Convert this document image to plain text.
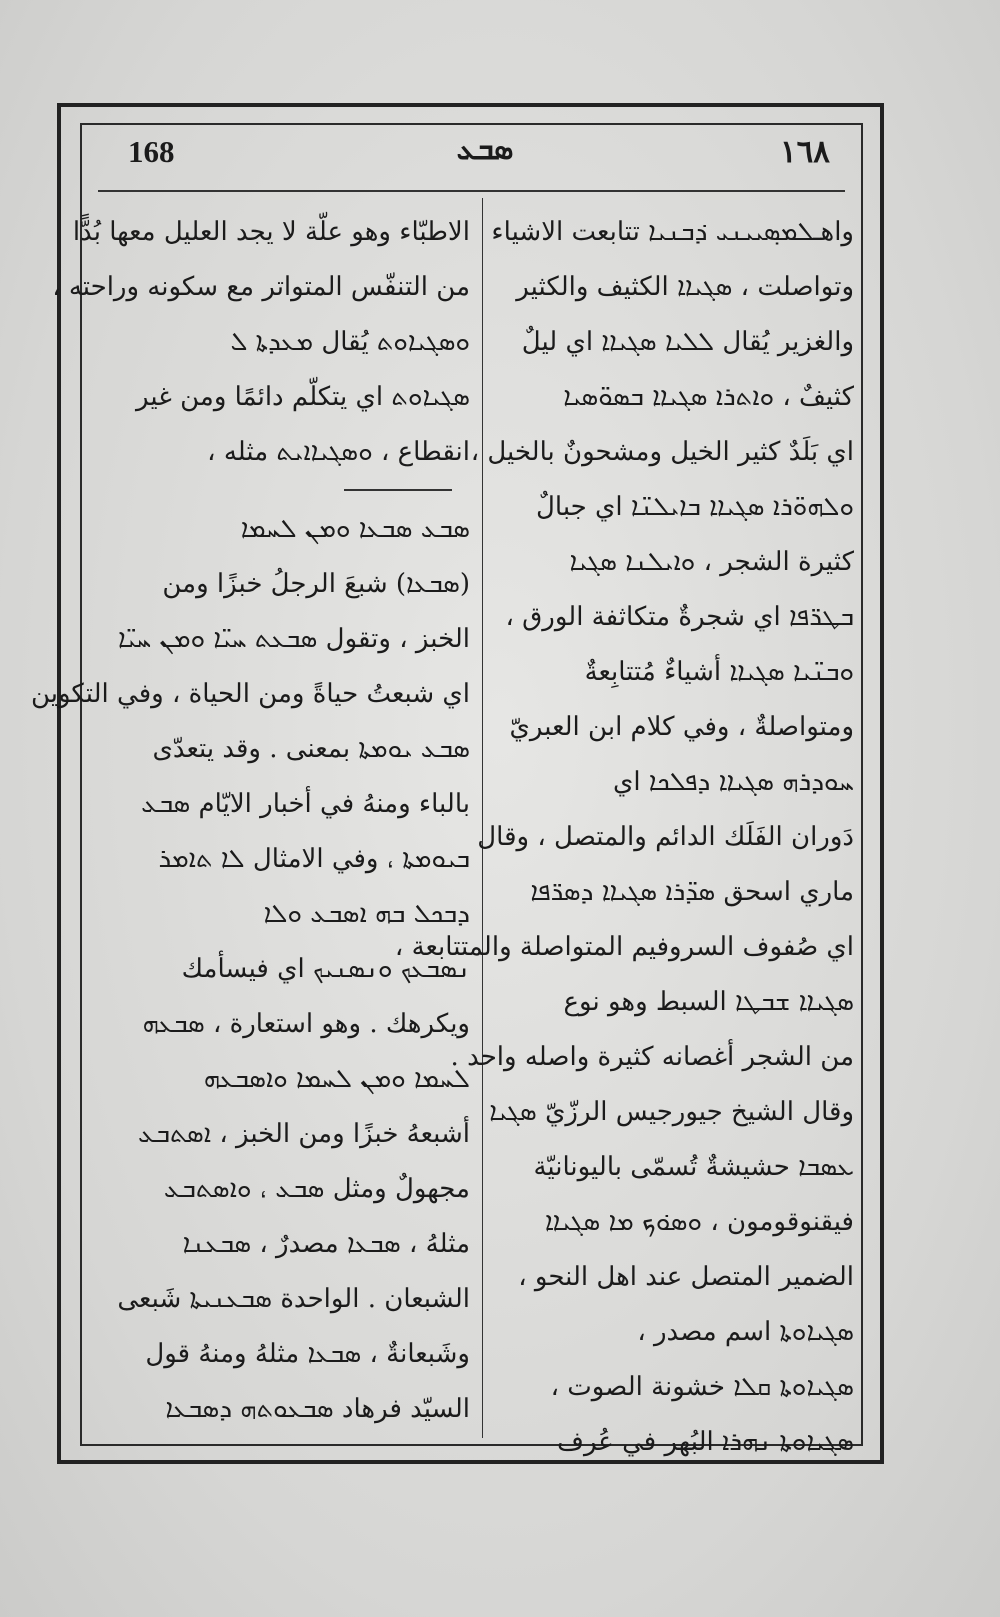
168	ܣܒܥ	١٦٨
واهـܠܡܣ݂ܝܝܢܝ ܕ݁ܒܢܝܐ تتابعت الاشياء
وتواصلت ، ܣܓܝܐܐ الكثيف والكثير
والغزير يُقال ܠܠܝܐ ܣܓܝܐܐ اي ليلٌ
كثيفٌ ، ܘܐܬܪܐ ܣܓܝܐܐ ܒܣܘ̈ܣܝܐ
اي بَلَدٌ كثير الخيل ومشحونٌ بالخيل ،
ܘܠܗܘ̈ܪܐ ܣܓܝܐܐ ܒܐܝܠܢ̈ܐ اي جبالٌ
كثيرة الشجر ، ܘܐܝܠܢܐ ܣܓܝܐ
ܒܛܪ̈ܦܐ اي شجرةٌ متكاثفة الورق ،
ܘܒܢ̈ܝܐ ܣܓܝܐܐ أشياءٌ مُتتابِعةٌ
ومتواصلةٌ ، وفي كلام ابن العبريّ
ܚܘܕܪܗ ܣܓܝܐܐ ܕܦܠܟܐ اي
دَوران الفَلَك الدائم والمتصل ، وقال
ماري اسحق ܣܕ̈ܪܐ ܣܓܝܐܐ ܕܣܪ̈ܦܐ
اي صُفوف السروفيم المتواصلة والمتتابعة ،
ܣܓܝܐܐ ܫܒܛܐ السبط وهو نوع
من الشجر أغصانه كثيرة واصله واحد .
وقال الشيخ جيورجيس الرزّيّ ܣܓܝܐ
ܥܣܒܐ حشيشةٌ تُسمّى باليونانيّة
فيقنوقومون ، ܘܣܘ݁ܟ ܡܐ ܣܓܝܐܐ
الضمير المتصل عند اهل النحو ،
ܣܓܝܐܘܬܐ اسم مصدر ،
ܣܓܝܐܘܬܐ ܩܠܐ خشونة الصوت ،
ܣܓܝܐܘܬܐ ܢܗܪܐ البُهر في عُرف
الاطبّاء وهو علّة لا يجد العليل معها بُدًّا
من التنفّس المتواتر مع سكونه وراحته ،
ܘܣܓܝܐܘܬ يُقال ܡܥܕܬܐ ܠ
ܣܓܝܐܘܬ اي يتكلّم دائمًا ومن غير
انقطاع ، ܘܣܓܝܐܐܝܬ مثله ،
ܣܒܥ ܣܒܥܐ ܘܡܢ ܠܚܡܐ
(ܣܒܥܐ) شبعَ الرجلُ خبزًا ومن
الخبز ، وتقول ܣܒܥܬ ܚܝ̈ܐ ܘܡܢ ܚܝ̈ܐ
اي شبعتُ حياةً ومن الحياة ، وفي التكوين
ܣܒܥ ܝܘܡܬܐ بمعنى . وقد يتعدّى
بالباء ومنهُ في أخبار الايّام ܣܒܥ
ܒܝܘܡܬܐ ، وفي الامثال ܠܐ ܬܐܡܪ
ܕܒܟܠ ܒܗ ܐܣܒܥ ܘܠܐ
ܢܣܒܥܟ ܘܢܣܢܝܟ اي فيسأمك
ويكرهك . وهو استعارة ، ܣܒܥܗ
ܠܚܡܐ ܘܡܢ ܠܚܡܐ ܘܐܣܒܥܗ
أشبعهُ خبزًا ومن الخبز ، ܐܣܬܒܥ
مجهولٌ ومثل ܣܒܥ ، ܘܐܣܬܒܥ
مثلهُ ، ܣܒܥܐ مصدرٌ ، ܣܒܥܢܐ
الشبعان . الواحدة ܣܒܥܢܝܬܐ شَبعى
وشَبعانةٌ ، ܣܒܥܐ مثلهُ ومنهُ قول
السيّد فرهاد ܣܒܥܘܬܗ ܕܣܒܥܐ
